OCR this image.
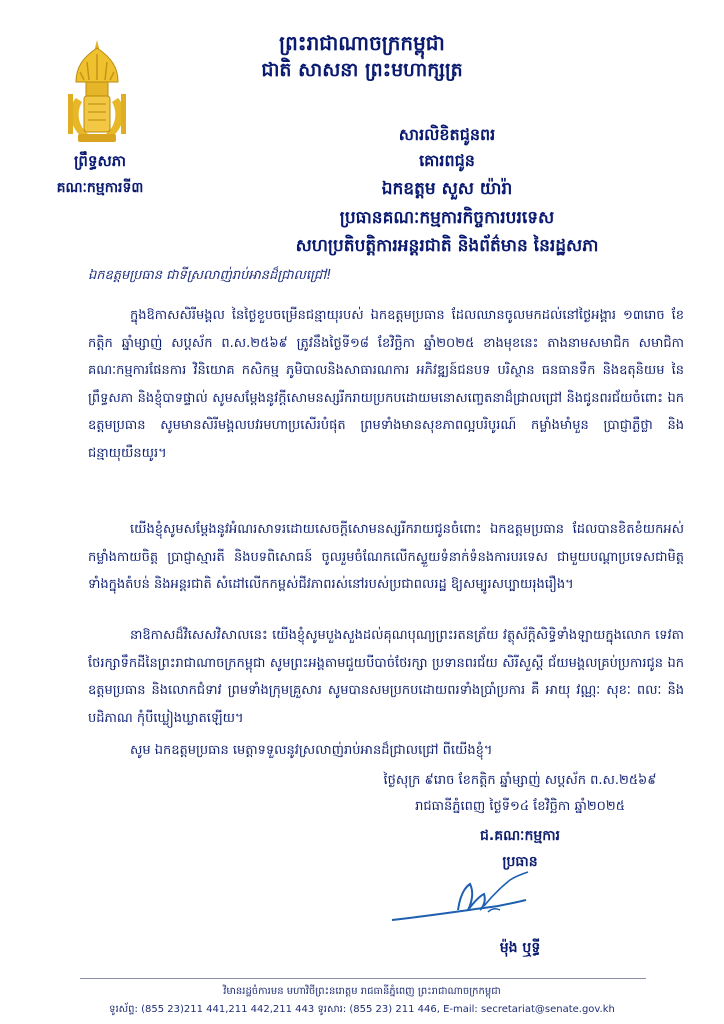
ព្រះរាជាណាចក្រកម្ពុជា
ជាតិ សាសនា ព្រះមហាក្សត្រ
ព្រឹទ្ធសភា
គណៈកម្មការទី៣
សារលិខិតជូនពរ
គោរពជូន
ឯកឧត្តម សួស យ៉ារ៉ា
ប្រធានគណៈកម្មការកិច្ចការបរទេស
សហប្រតិបត្តិការអន្តរជាតិ និងព័ត៌មាន នៃរដ្ឋសភា
ឯកឧត្តមប្រធាន ជាទីស្រលាញ់រាប់អានដ៏ជ្រាលជ្រៅ!

ក្នុងឱកាសសិរីមង្គល នៃថ្ងៃខួបចម្រើនជន្មាយុរបស់ ឯកឧត្តមប្រធាន ដែលឈានចូលមកដល់នៅថ្ងៃអង្គារ ១៣រោច ខែកត្តិក ឆ្នាំម្សាញ់ សប្តស័ក ព.ស.២៥៦៩ ត្រូវនឹងថ្ងៃទី១៨ ខែវិច្ឆិកា ឆ្នាំ២០២៥ ខាងមុខនេះ តាងនាមសមាជិក សមាជិកាគណៈកម្មការផែនការ វិនិយោគ កសិកម្ម ភូមិបាលនិងសាធារណការ អភិវឌ្ឍន៍ជនបទ បរិស្ថាន ធនធានទឹក និងឧតុនិយម នៃព្រឹទ្ធសភា និងខ្ញុំបាទផ្ទាល់ សូមសម្តែងនូវក្តីសោមនស្សរីករាយប្រកបដោយមនោសញ្ចេតនាដ៏ជ្រាលជ្រៅ និងជូនពរជ័យចំពោះ ឯកឧត្តមប្រធាន សូមមានសិរីមង្គលបវរមហាប្រសើរបំផុត ព្រមទាំងមានសុខភាពល្អបរិបូរណ៍ កម្លាំងមាំមួន ប្រាជ្ញាភ្លឺថ្លា និងជន្មាយុយឺនយូរ។

យើងខ្ញុំសូមសម្តែងនូវអំណរសាទរដោយសេចក្តីសោមនស្សរីករាយជូនចំពោះ ឯកឧត្តមប្រធាន ដែលបានខិតខំយកអស់កម្លាំងកាយចិត្ត ប្រាជ្ញាស្មារតី និងបទពិសោធន៍ ចូលរួមចំណែកលើកស្ទួយទំនាក់ទំនងការបរទេស ជាមួយបណ្តាប្រទេសជាមិត្ត ទាំងក្នុងតំបន់ និងអន្តរជាតិ សំដៅលើកកម្ពស់ជីវភាពរស់នៅរបស់ប្រជាពលរដ្ឋ ឱ្យសម្បូរសប្បាយរុងរឿង។

នាឱកាសដ៏វិសេសវិសាលនេះ យើងខ្ញុំសូមបួងសួងដល់គុណបុណ្យព្រះរតនត្រ័យ វត្ថុស័ក្តិសិទ្ធិទាំងឡាយក្នុងលោក ទេវតាថែរក្សាទឹកដីនៃព្រះរាជាណាចក្រកម្ពុជា សូមព្រះអង្គតាមជួយបីបាច់ថែរក្សា ប្រទានពរជ័យ សិរីសួស្តី ជ័យមង្គលគ្រប់ប្រការជូន ឯកឧត្តមប្រធាន និងលោកជំទាវ ព្រមទាំងក្រុមគ្រួសារ សូមបានសមប្រកបដោយពរទាំងប្រាំប្រការ គឺ អាយុ វណ្ណៈ សុខៈ ពលៈ និងបដិភាណ កុំបីឃ្លៀងឃ្លាតឡើយ។

សូម ឯកឧត្តមប្រធាន មេត្តាទទួលនូវស្រលាញ់រាប់អានដ៏ជ្រាលជ្រៅ ពីយើងខ្ញុំ។

ថ្ងៃសុក្រ ៩រោច ខែកត្តិក ឆ្នាំម្សាញ់ សប្តស័ក ព.ស.២៥៦៩
រាជធានីភ្នំពេញ ថ្ងៃទី១៤ ខែវិច្ឆិកា ឆ្នាំ២០២៥
ជ.គណៈកម្មការ
ប្រធាន
ម៉ុង ឬទ្ធី
វិមានរដ្ឋចំការមន មហាវិថីព្រះនរោត្តម រាជធានីភ្នំពេញ ព្រះរាជាណាចក្រកម្ពុជា
ទូរស័ព្ទ: (855 23)211 441,211 442,211 443 ទូរសារ: (855 23) 211 446, E-mail: secretariat@senate.gov.kh
